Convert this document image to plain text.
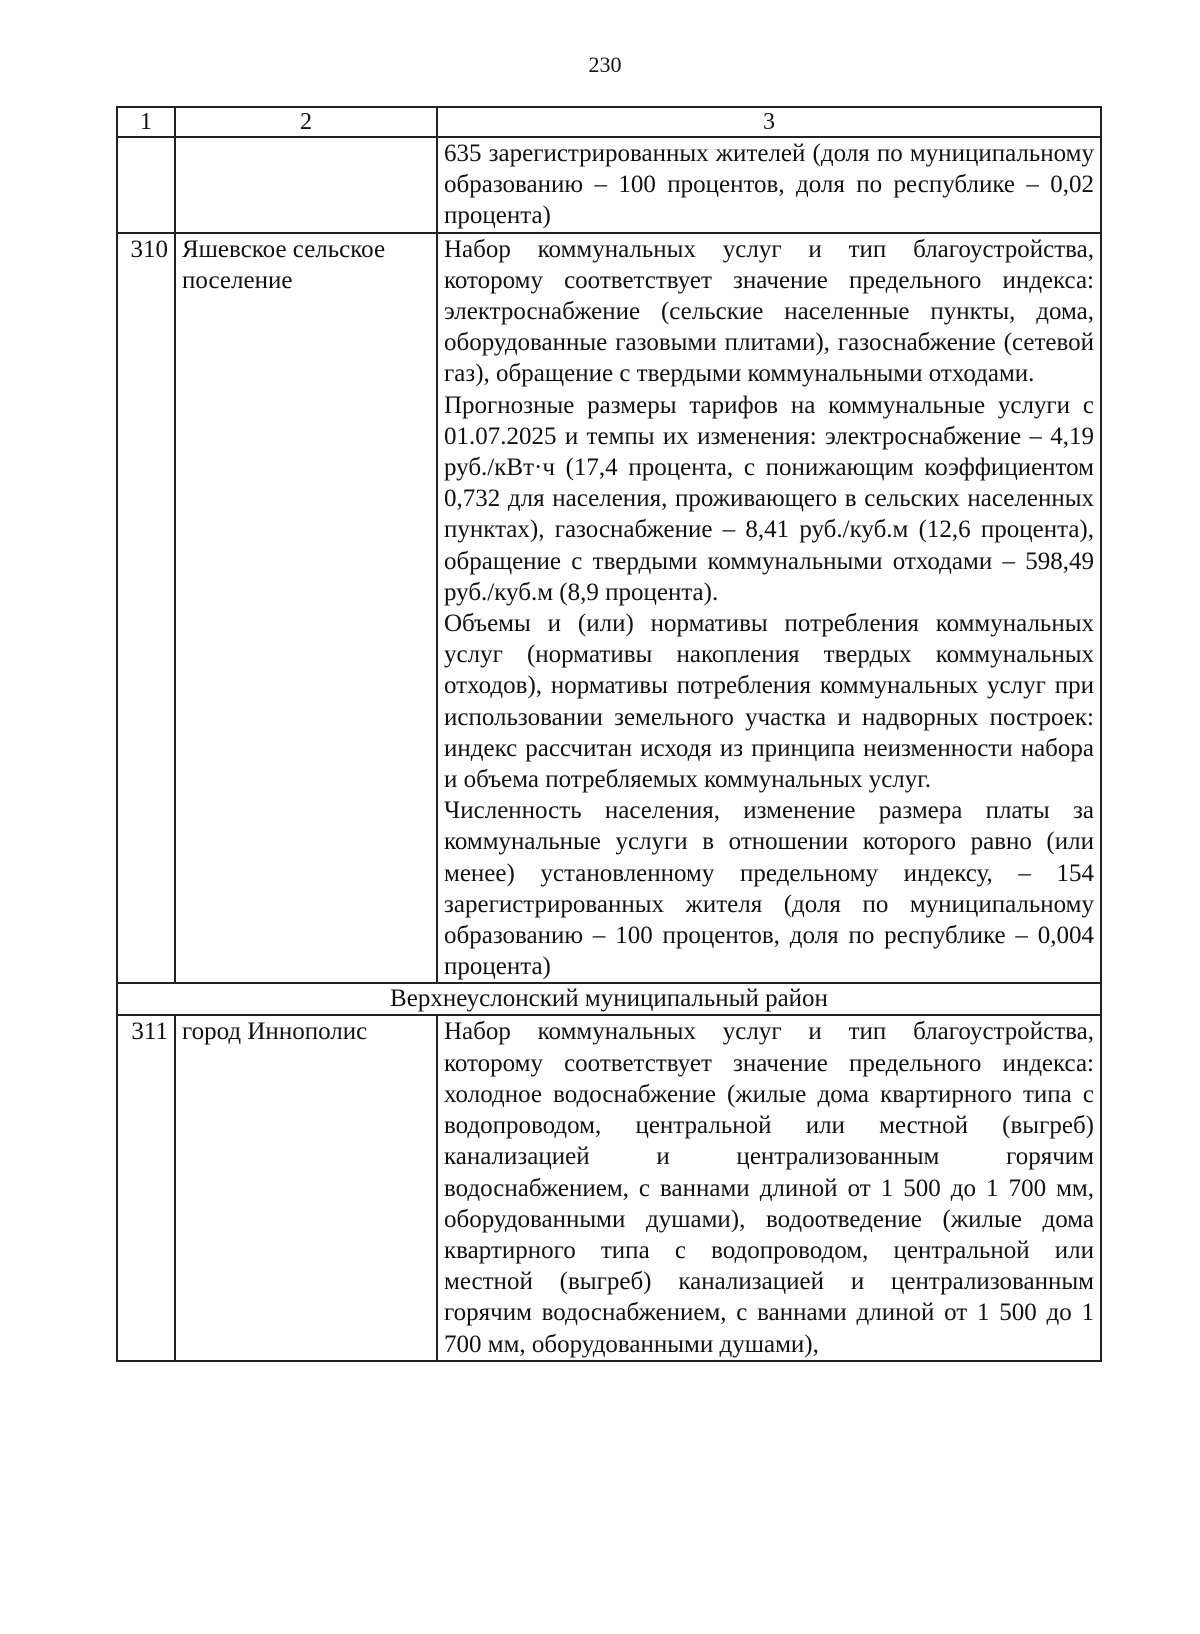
230
1	2	3

		635 зарегистрированных жителей (доля по муниципальному образованию – 100 процентов, доля по республике – 0,02 процента)

310	Яшевское сельское поселение	Набор коммунальных услуг и тип благоустройства, которому соответствует значение предельного индекса: электроснабжение (сельские населенные пункты, дома, оборудованные газовыми плитами), газоснабжение (сетевой газ), обращение с твердыми коммунальными отходами.

Прогнозные размеры тарифов на коммунальные услуги с 01.07.2025 и темпы их изменения: электроснабжение – 4,19 руб./кВт·ч (17,4 процента, с понижающим коэффициентом 0,732 для населения, проживающего в сельских населенных пунктах), газоснабжение – 8,41 руб./куб.м (12,6 процента), обращение с твердыми коммунальными отходами – 598,49 руб./куб.м (8,9 процента).

Объемы и (или) нормативы потребления коммунальных услуг (нормативы накопления твердых коммунальных отходов), нормативы потребления коммунальных услуг при использовании земельного участка и надворных построек: индекс рассчитан исходя из принципа неизменности набора и объема потребляемых коммунальных услуг.

Численность населения, изменение размера платы за коммунальные услуги в отношении которого равно (или менее) установленному предельному индексу, – 154 зарегистрированных жителя (доля по муниципальному образованию – 100 процентов, доля по республике – 0,004 процента)

Верхнеуслонский муниципальный район		
311	город Иннополис	Набор коммунальных услуг и тип благоустройства, которому соответствует значение предельного индекса: холодное водоснабжение (жилые дома квартирного типа с водопроводом, центральной или местной (выгреб) канализацией и централизованным горячим водоснабжением, с ваннами длиной от 1 500 до 1 700 мм, оборудованными душами), водоотведение (жилые дома квартирного типа с водопроводом, центральной или местной (выгреб) канализацией и централизованным горячим водоснабжением, с ваннами длиной от 1 500 до 1 700 мм, оборудованными душами),
